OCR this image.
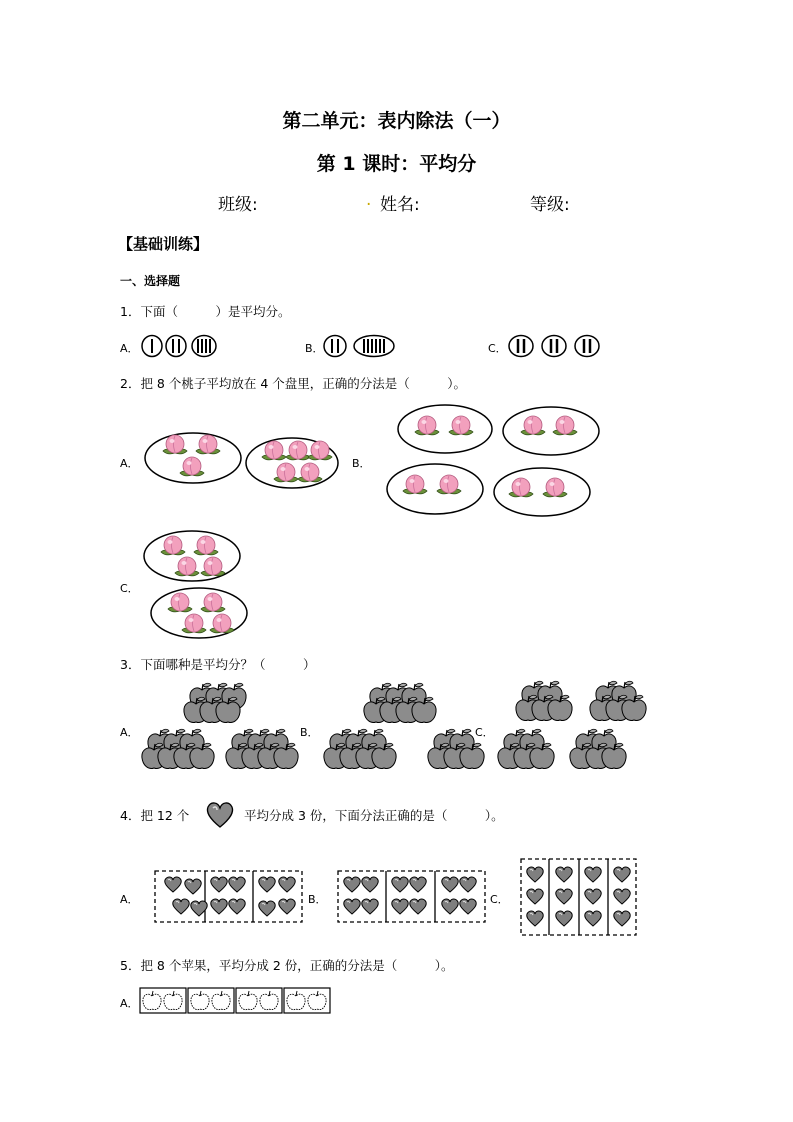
第二单元：表内除法（一）
第 1 课时：平均分
班级:	. 姓名:	等级:
【基础训练】
一、选择题
1．下面（　　　）是平均分。
A．	B．	C．
2．把 8 个桃子平均放在 4 个盘里，正确的分法是（　　　）。
A．	B．
C．
3．下面哪种是平均分？（　　　）
A．	B．	C．
4．把 12 个	平均分成 3 份，下面分法正确的是（　　　）。
A．	B．	C．
5．把 8 个苹果，平均分成 2 份，正确的分法是（　　　）。
A．
